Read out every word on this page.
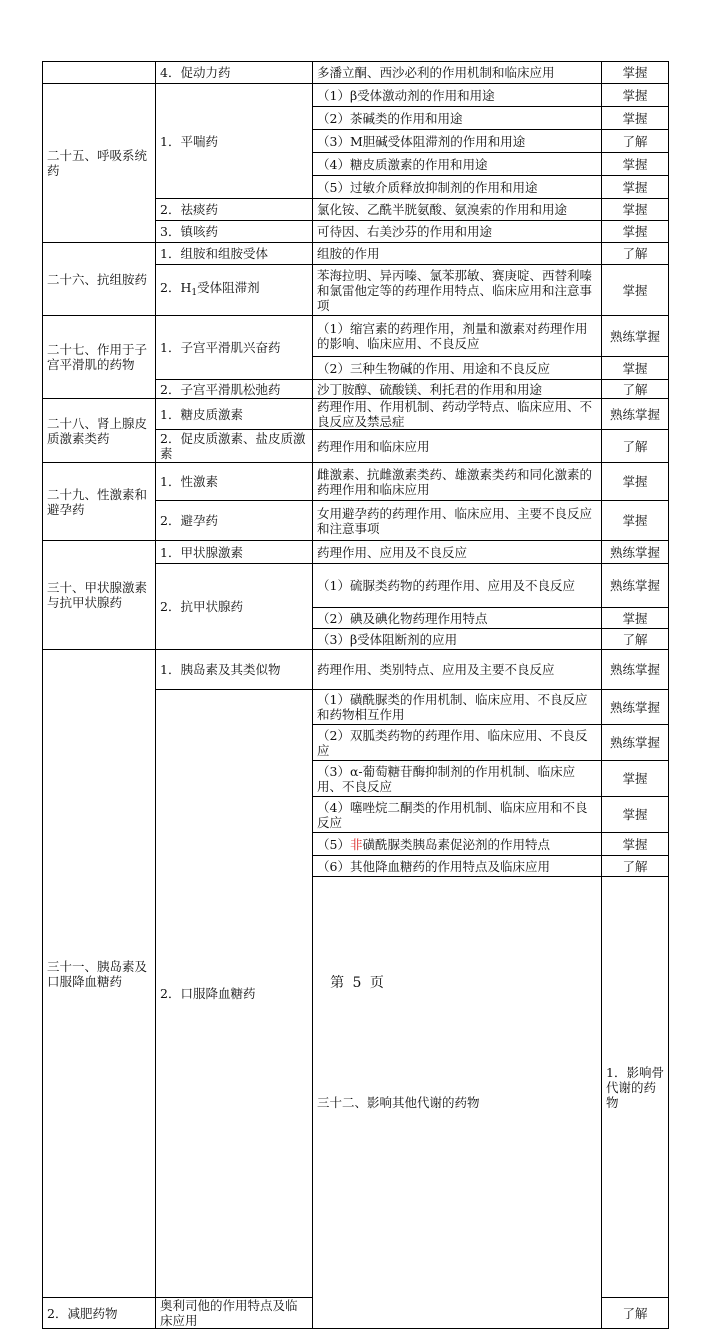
	4．促动力药	多潘立酮、西沙必利的作用机制和临床应用	掌握	
二十五、呼吸系统药	1．平喘药	（1）β受体激动剂的作用和用途	掌握	
		（2）茶碱类的作用和用途	掌握	
		（3）M胆碱受体阻滞剂的作用和用途	了解	
		（4）糖皮质激素的作用和用途	掌握	
		（5）过敏介质释放抑制剂的作用和用途	掌握	
	2．祛痰药	氯化铵、乙酰半胱氨酸、氨溴索的作用和用途	掌握	
	3．镇咳药	可待因、右美沙芬的作用和用途	掌握	
二十六、抗组胺药	1．组胺和组胺受体	组胺的作用	了解	
	2．$H_1$受体阻滞剂	苯海拉明、异丙嗪、氯苯那敏、赛庚啶、西替利嗪和氯雷他定等的药理作用特点、临床应用和注意事项	掌握	
二十七、作用于子宫平滑肌的药物	1．子宫平滑肌兴奋药	（1）缩宫素的药理作用，剂量和激素对药理作用的影响、临床应用、不良反应	熟练掌握	
		（2）三种生物碱的作用、用途和不良反应	掌握	
	2．子宫平滑肌松弛药	沙丁胺醇、硫酸镁、利托君的作用和用途	了解	
二十八、肾上腺皮质激素类药	1．糖皮质激素	药理作用、作用机制、药动学特点、临床应用、不良反应及禁忌症	熟练掌握	
	2．促皮质激素、盐皮质激素	药理作用和临床应用	了解	
二十九、性激素和避孕药	1．性激素	雌激素、抗雌激素类药、雄激素类药和同化激素的药理作用和临床应用	掌握	
	2．避孕药	女用避孕药的药理作用、临床应用、主要不良反应和注意事项	掌握	
三十、甲状腺激素与抗甲状腺药	1．甲状腺激素	药理作用、应用及不良反应	熟练掌握	
	2．抗甲状腺药	（1）硫脲类药物的药理作用、应用及不良反应	熟练掌握	
		（2）碘及碘化物药理作用特点	掌握	
		（3）β受体阻断剂的应用	了解	
三十一、胰岛素及口服降血糖药	1．胰岛素及其类似物	药理作用、类别特点、应用及主要不良反应	熟练掌握	
	2．口服降血糖药	（1）磺酰脲类的作用机制、临床应用、不良反应和药物相互作用	熟练掌握	
		（2）双胍类药物的药理作用、临床应用、不良反应	熟练掌握	
		（3）α-葡萄糖苷酶抑制剂的作用机制、临床应用、不良反应	掌握	
		（4）噻唑烷二酮类的作用机制、临床应用和不良反应	掌握	
		（5）非磺酰脲类胰岛素促泌剂的作用特点	掌握	
		（6）其他降血糖药的作用特点及临床应用	了解	
		三十二、影响其他代谢的药物	1．影响骨代谢的药物		
2．减肥药物	奥利司他的作用特点及临床应用		了解	
第 5 页
